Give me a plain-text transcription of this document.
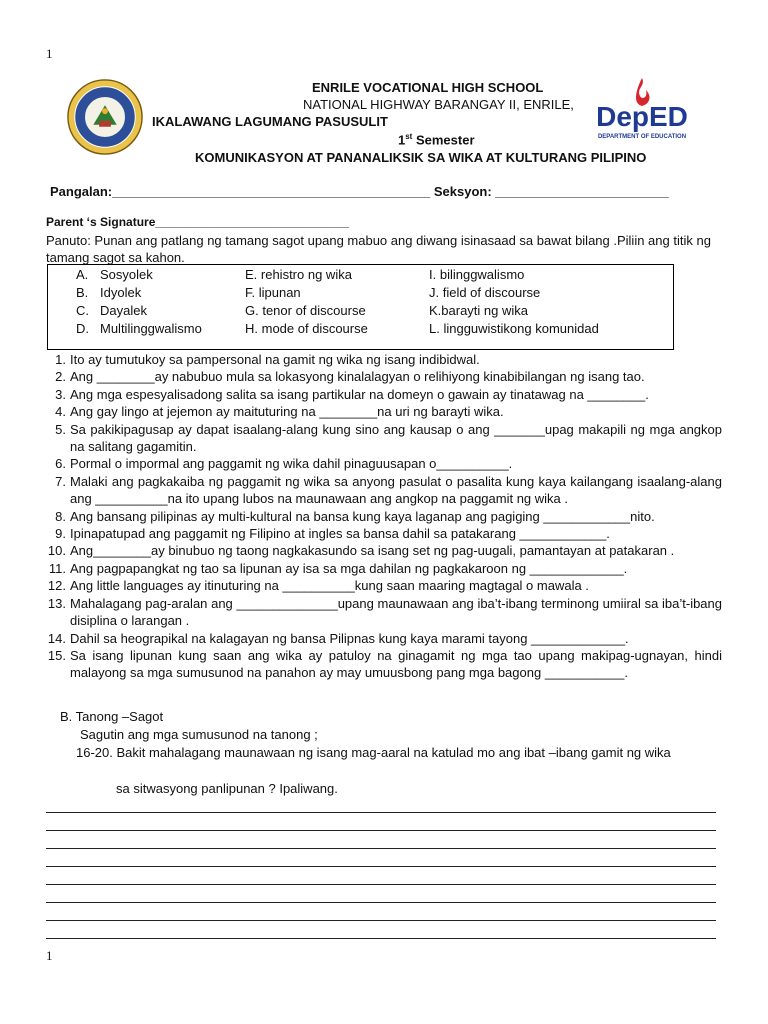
1
DepED
DEPARTMENT OF EDUCATION
ENRILE VOCATIONAL HIGH SCHOOL
NATIONAL HIGHWAY BARANGAY II, ENRILE,
IKALAWANG LAGUMANG PASUSULIT
1st Semester
KOMUNIKASYON AT PANANALIKSIK SA WIKA AT KULTURANG PILIPINO
Pangalan:____________________________________________ Seksyon: ________________________
Parent ‘s Signature_____________________________
Panuto: Punan ang patlang ng tamang sagot upang mabuo ang diwang isinasaad sa bawat bilang .Piliin ang titik ng tamang sagot sa kahon.
A. Sosyolek	E. rehistro ng wika	I. bilinggwalismo
B. Idyolek	F. lipunan	J. field of discourse
C. Dayalek	G. tenor of discourse	K.barayti ng wika
D. Multilinggwalismo	H. mode of discourse	L. lingguwistikong komunidad
1. Ito ay tumutukoy sa pampersonal na gamit ng wika ng isang indibidwal.
2. Ang ________ay nabubuo mula sa lokasyong kinalalagyan o relihiyong kinabibilangan ng isang tao.
3. Ang mga espesyalisadong salita sa isang partikular na domeyn o gawain ay tinatawag na ________.
4. Ang gay lingo at jejemon ay maituturing na ________na uri ng barayti wika.
5. Sa pakikipagusap ay dapat isaalang-alang kung sino ang kausap o ang _______upag makapili ng mga angkop na salitang gagamitin.
6. Pormal o impormal ang paggamit ng wika dahil pinaguusapan o__________.
7. Malaki ang pagkakaiba ng paggamit ng wika sa anyong pasulat o pasalita kung kaya kailangang isaalang-alang ang __________na ito upang lubos na maunawaan ang angkop na paggamit ng wika .
8. Ang bansang pilipinas ay multi-kultural na bansa kung kaya laganap ang pagiging ____________nito.
9. Ipinapatupad ang paggamit ng Filipino at ingles sa bansa dahil sa patakarang ____________.
10. Ang________ay binubuo ng taong nagkakasundo sa isang set ng pag-uugali, pamantayan at patakaran .
11. Ang pagpapangkat ng tao sa lipunan ay isa sa mga dahilan ng pagkakaroon ng _____________.
12. Ang little languages ay itinuturing na __________kung saan maaring magtagal o mawala .
13. Mahalagang pag-aralan ang ______________upang maunawaan ang iba’t-ibang terminong umiiral sa iba’t-ibang disiplina o larangan .
14. Dahil sa heograpikal na kalagayan ng bansa Pilipnas kung kaya marami tayong _____________.
15. Sa isang lipunan kung saan ang wika ay patuloy na ginagamit ng mga tao upang makipag-ugnayan, hindi malayong sa mga sumusunod na panahon ay may umuusbong pang mga bagong ___________.
B. Tanong –Sagot
Sagutin ang mga sumusunod na tanong ;
16-20. Bakit mahalagang maunawaan ng isang mag-aaral na katulad mo ang ibat –ibang gamit ng wika
sa sitwasyong panlipunan ? Ipaliwang.
1
